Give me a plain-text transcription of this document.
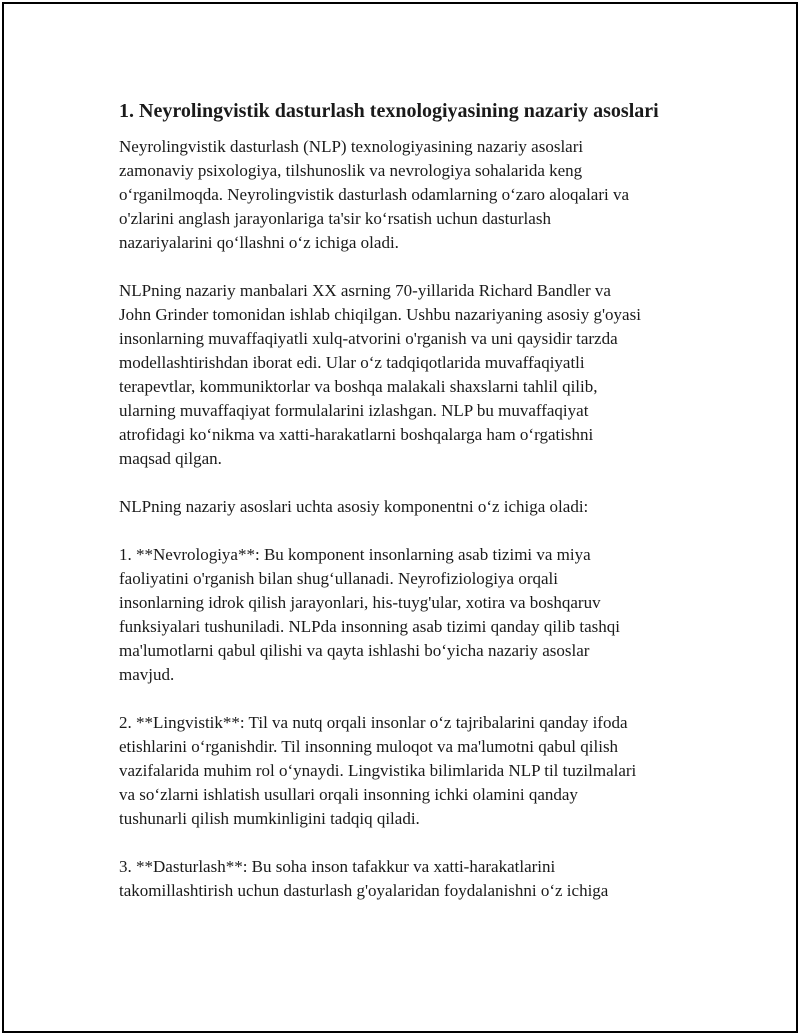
1. Neyrolingvistik dasturlash texnologiyasining nazariy asoslari

Neyrolingvistik dasturlash (NLP) texnologiyasining nazariy asoslari
zamonaviy psixologiya, tilshunoslik va nevrologiya sohalarida keng
o‘rganilmoqda. Neyrolingvistik dasturlash odamlarning o‘zaro aloqalari va
o'zlarini anglash jarayonlariga ta'sir ko‘rsatish uchun dasturlash
nazariyalarini qo‘llashni o‘z ichiga oladi.

NLPning nazariy manbalari XX asrning 70-yillarida Richard Bandler va
John Grinder tomonidan ishlab chiqilgan. Ushbu nazariyaning asosiy g'oyasi
insonlarning muvaffaqiyatli xulq-atvorini o'rganish va uni qaysidir tarzda
modellashtirishdan iborat edi. Ular o‘z tadqiqotlarida muvaffaqiyatli
terapevtlar, kommuniktorlar va boshqa malakali shaxslarni tahlil qilib,
ularning muvaffaqiyat formulalarini izlashgan. NLP bu muvaffaqiyat
atrofidagi ko‘nikma va xatti-harakatlarni boshqalarga ham o‘rgatishni
maqsad qilgan.

NLPning nazariy asoslari uchta asosiy komponentni o‘z ichiga oladi:

1. **Nevrologiya**: Bu komponent insonlarning asab tizimi va miya
faoliyatini o'rganish bilan shug‘ullanadi. Neyrofiziologiya orqali
insonlarning idrok qilish jarayonlari, his-tuyg'ular, xotira va boshqaruv
funksiyalari tushuniladi. NLPda insonning asab tizimi qanday qilib tashqi
ma'lumotlarni qabul qilishi va qayta ishlashi bo‘yicha nazariy asoslar
mavjud.

2. **Lingvistik**: Til va nutq orqali insonlar o‘z tajribalarini qanday ifoda
etishlarini o‘rganishdir. Til insonning muloqot va ma'lumotni qabul qilish
vazifalarida muhim rol o‘ynaydi. Lingvistika bilimlarida NLP til tuzilmalari
va so‘zlarni ishlatish usullari orqali insonning ichki olamini qanday
tushunarli qilish mumkinligini tadqiq qiladi.

3. **Dasturlash**: Bu soha inson tafakkur va xatti-harakatlarini
takomillashtirish uchun dasturlash g'oyalaridan foydalanishni o‘z ichiga
